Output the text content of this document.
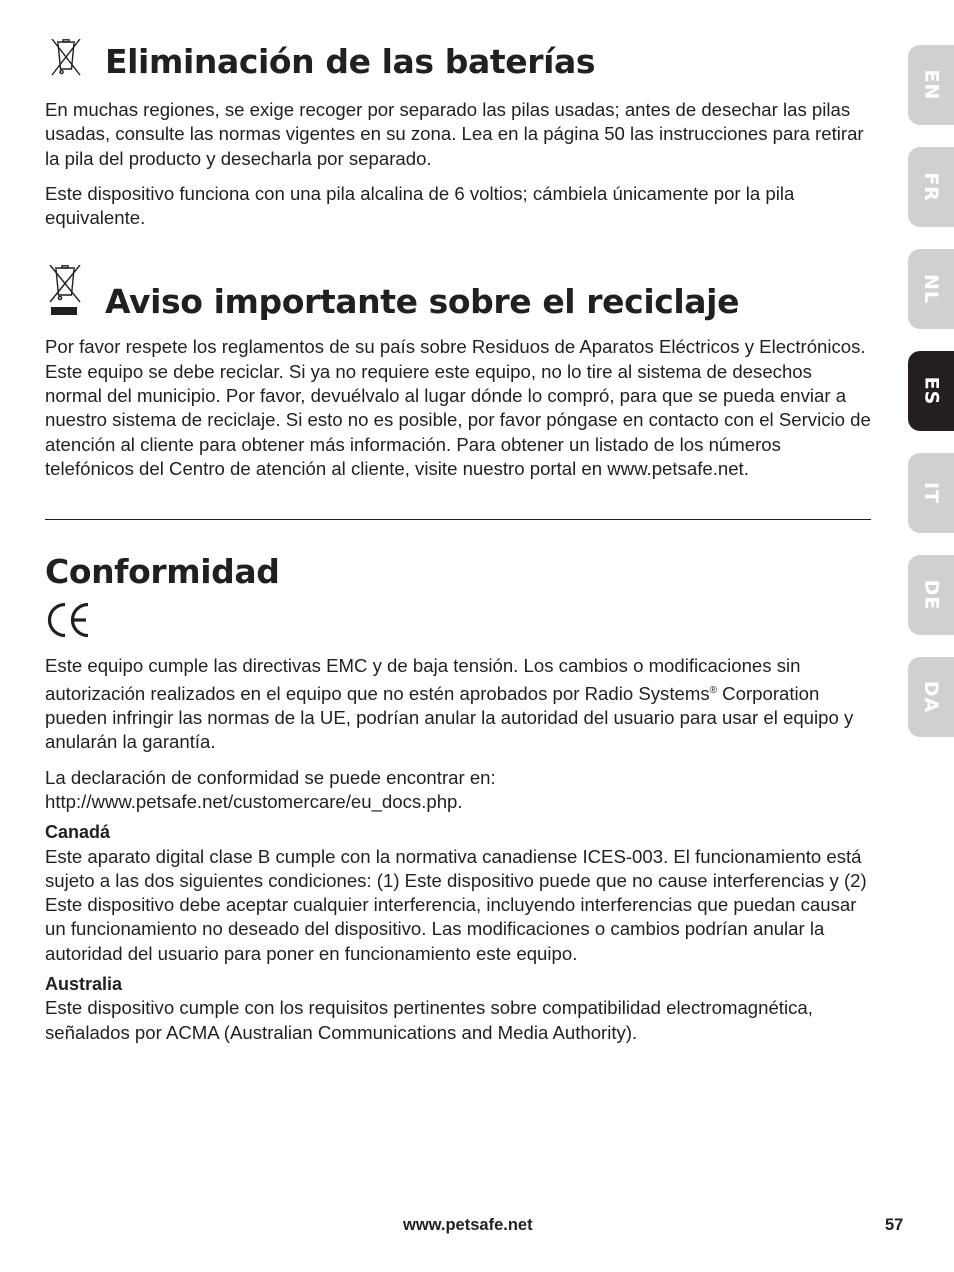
Eliminación de las baterías

En muchas regiones, se exige recoger por separado las pilas usadas; antes de desechar las pilas usadas, consulte las normas vigentes en su zona. Lea en la página 50 las instrucciones para retirar la pila del producto y desecharla por separado.

Este dispositivo funciona con una pila alcalina de 6 voltios; cámbiela únicamente por la pila equivalente.

Aviso importante sobre el reciclaje

Por favor respete los reglamentos de su país sobre Residuos de Aparatos Eléctricos y Electrónicos. Este equipo se debe reciclar. Si ya no requiere este equipo, no lo tire al sistema de desechos normal del municipio. Por favor, devuélvalo al lugar dónde lo compró, para que se pueda enviar a nuestro sistema de reciclaje. Si esto no es posible, por favor póngase en contacto con el Servicio de atención al cliente para obtener más información. Para obtener un listado de los números telefónicos del Centro de atención al cliente, visite nuestro portal en www.petsafe.net.

Conformidad

Este equipo cumple las directivas EMC y de baja tensión. Los cambios o modificaciones sin autorización realizados en el equipo que no estén aprobados por Radio Systems® Corporation pueden infringir las normas de la UE, podrían anular la autoridad del usuario para usar el equipo y anularán la garantía.

La declaración de conformidad se puede encontrar en:
http://www.petsafe.net/customercare/eu_docs.php.

Canadá

Este aparato digital clase B cumple con la normativa canadiense ICES-003. El funcionamiento está sujeto a las dos siguientes condiciones: (1) Este dispositivo puede que no cause interferencias y (2) Este dispositivo debe aceptar cualquier interferencia, incluyendo interferencias que puedan causar un funcionamiento no deseado del dispositivo. Las modificaciones o cambios podrían anular la autoridad del usuario para poner en funcionamiento este equipo.

Australia

Este dispositivo cumple con los requisitos pertinentes sobre compatibilidad electromagnética, señalados por ACMA (Australian Communications and Media Authority).

EN
FR
NL
ES
IT
DE
DA
www.petsafe.net	57
